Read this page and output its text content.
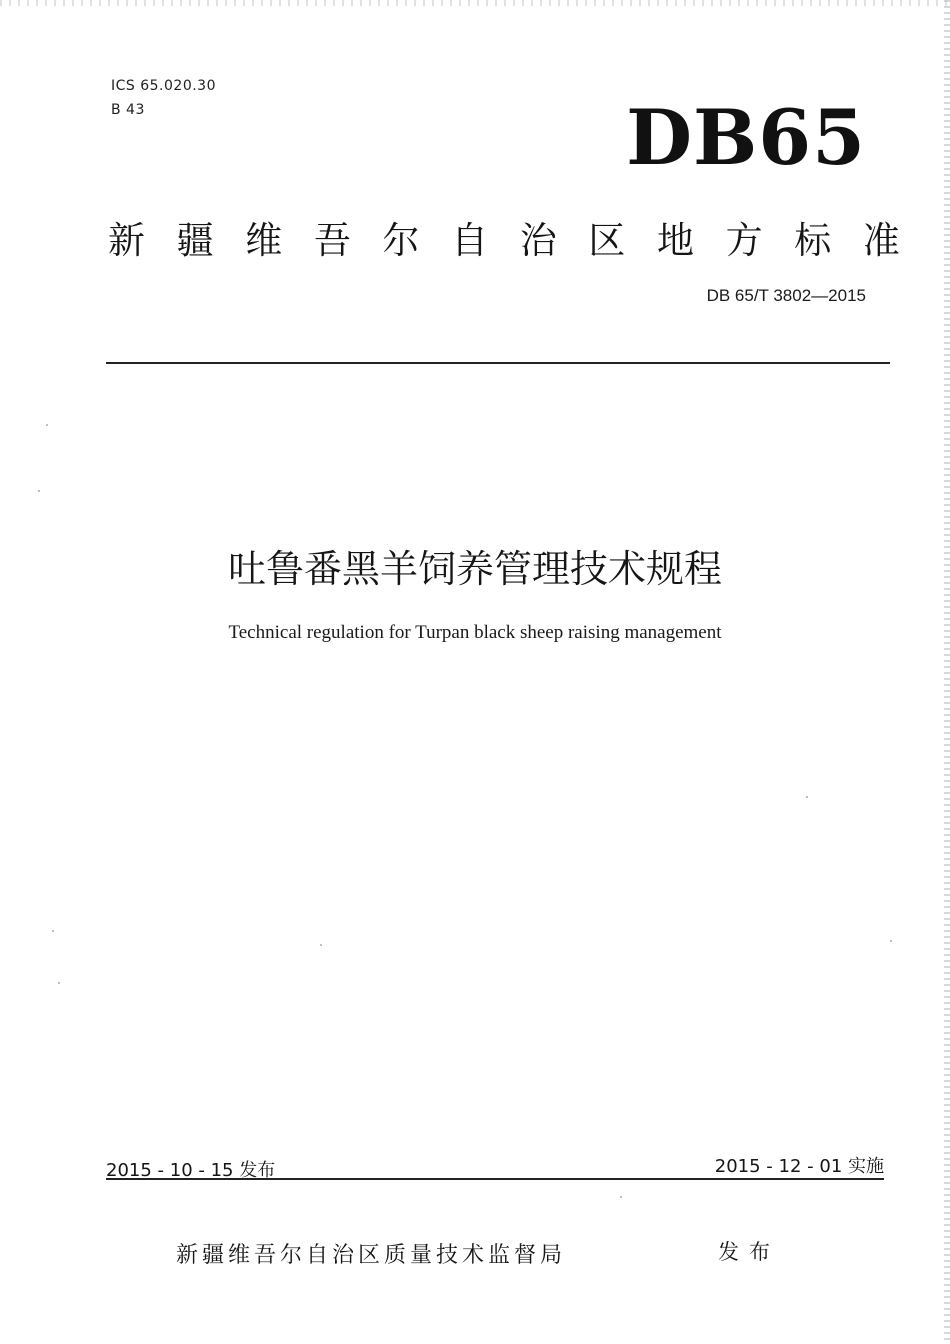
ICS 65.020.30
B 43	DB65
新 疆 维 吾 尔 自 治 区 地 方 标 准
DB 65/T 3802—2015
吐鲁番黑羊饲养管理技术规程
Technical regulation for Turpan black sheep raising management
2015 - 10 - 15 发布	2015 - 12 - 01 实施
新疆维吾尔自治区质量技术监督局	发布
